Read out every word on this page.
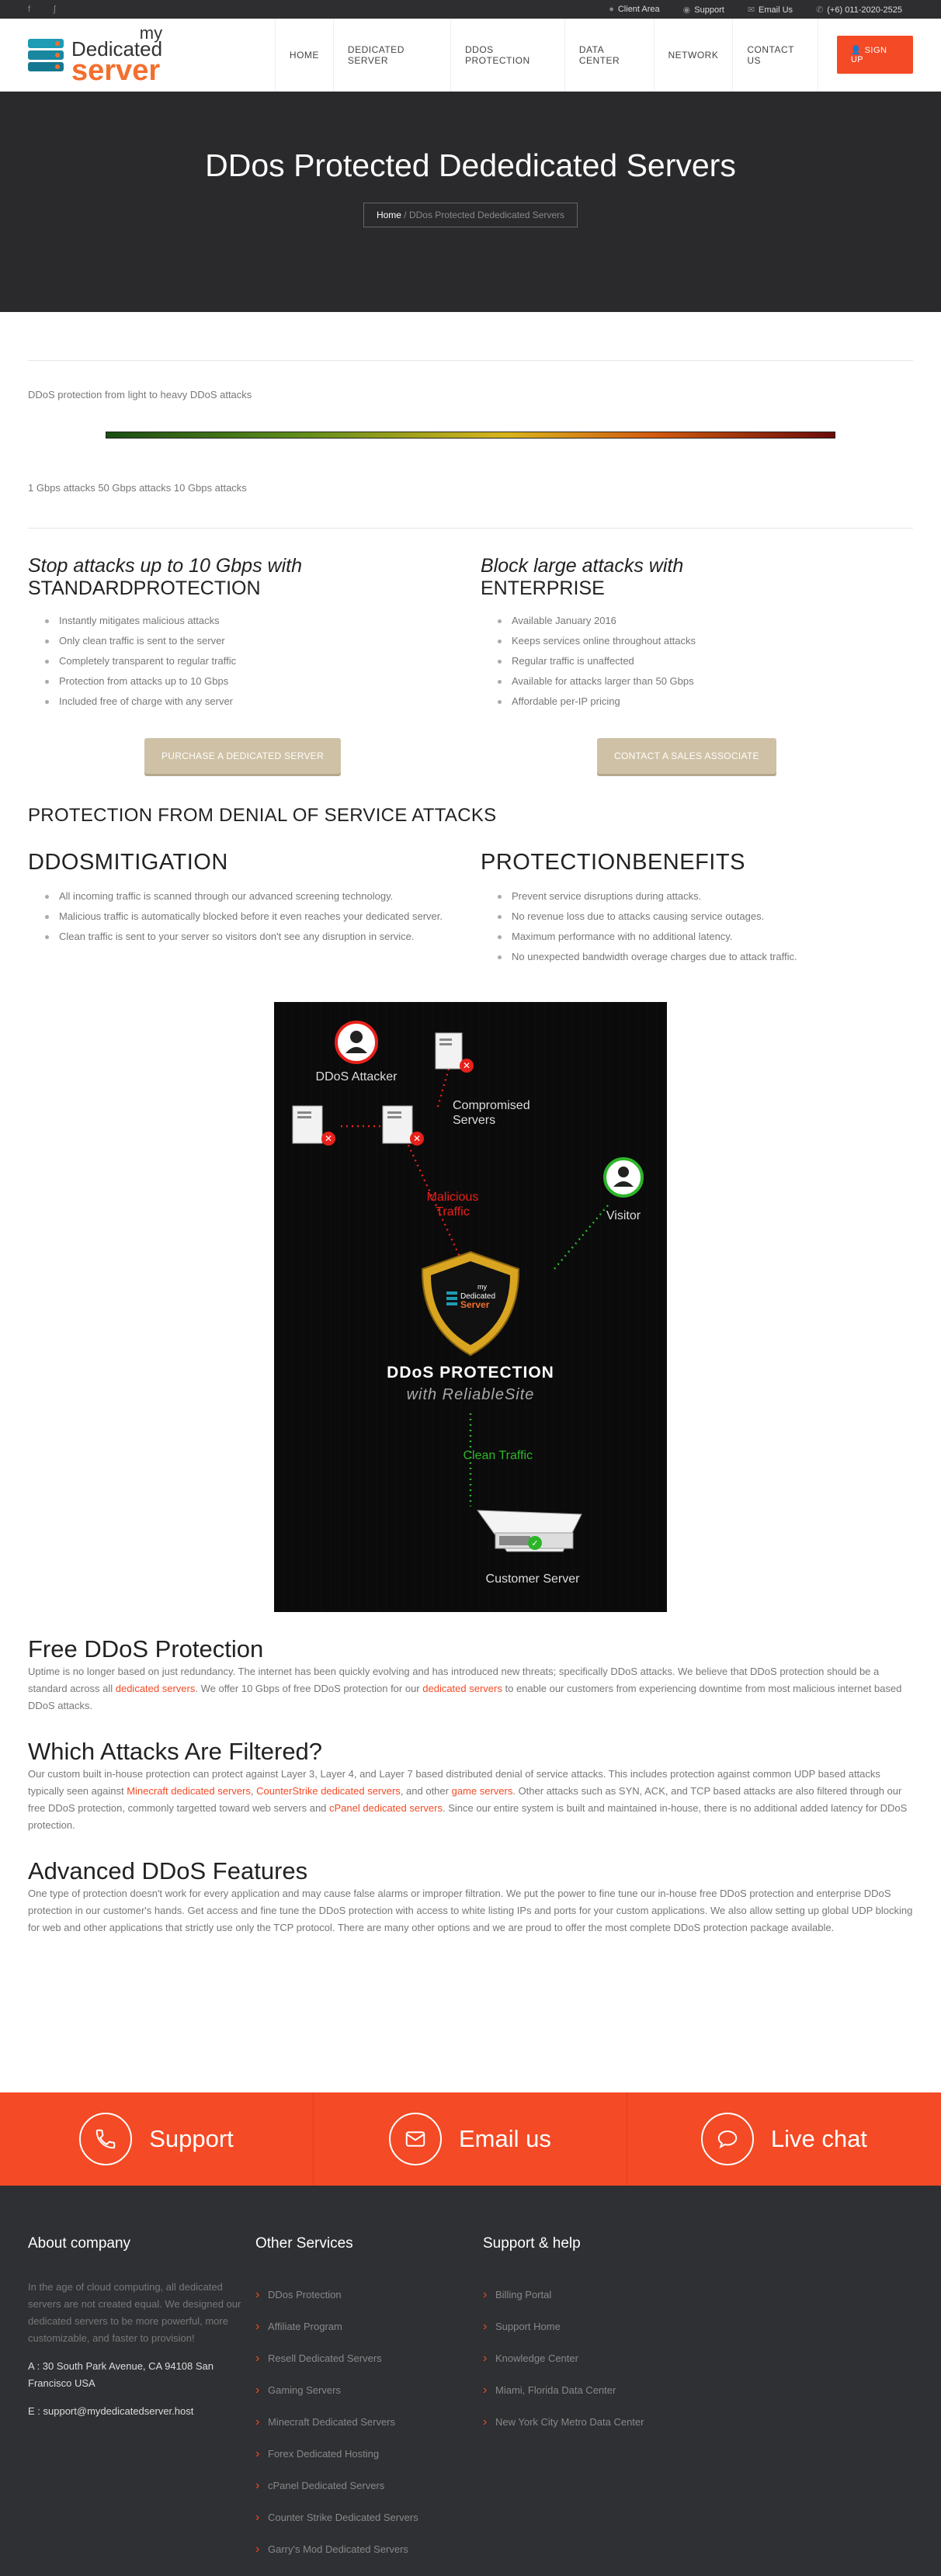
f	ʃ	● Client Area	◉ Support	✉ Email Us	✆ (+6) 011-2020-2525
my
Dedicated
server	HOME	DEDICATED SERVER
DDOS PROTECTION
DATA CENTER	NETWORK	CONTACT US
👤 SIGN UP
DDos Protected Dededicated Servers
Home / DDos Protected Dededicated Servers

DDoS protection from light to heavy DDoS attacks

1 Gbps attacks 50 Gbps attacks 10 Gbps attacks

Stop attacks up to 10 Gbps with
STANDARDPROTECTION
Instantly mitigates malicious attacks
Only clean traffic is sent to the server
Completely transparent to regular traffic
Protection from attacks up to 10 Gbps
Included free of charge with any server
PURCHASE A DEDICATED SERVER
Block large attacks with
ENTERPRISE
Available January 2016
Keeps services online throughout attacks
Regular traffic is unaffected
Available for attacks larger than 50 Gbps
Affordable per-IP pricing
CONTACT A SALES ASSOCIATE
PROTECTION FROM DENIAL OF SERVICE ATTACKS
DDOSMITIGATION
All incoming traffic is scanned through our advanced screening technology.
Malicious traffic is automatically blocked before it even reaches your dedicated server.
Clean traffic is sent to your server so visitors don't see any disruption in service.
PROTECTIONBENEFITS
Prevent service disruptions during attacks.
No revenue loss due to attacks causing service outages.
Maximum performance with no additional latency.
No unexpected bandwidth overage charges due to attack traffic.
DDoS Attacker
✕
✕	✕
Compromised
Servers
Malicious
Traffic	Visitor
my
Dedicated
Server
DDoS PROTECTION
with ReliableSite
Clean Traffic
✓
Customer Server
Free DDoS Protection

Uptime is no longer based on just redundancy. The internet has been quickly evolving and has introduced new threats; specifically DDoS attacks. We believe that DDoS protection should be a standard across all dedicated servers. We offer 10 Gbps of free DDoS protection for our dedicated servers to enable our customers from experiencing downtime from most malicious internet based DDoS attacks.

Which Attacks Are Filtered?

Our custom built in-house protection can protect against Layer 3, Layer 4, and Layer 7 based distributed denial of service attacks. This includes protection against common UDP based attacks typically seen against Minecraft dedicated servers, CounterStrike dedicated servers, and other game servers. Other attacks such as SYN, ACK, and TCP based attacks are also filtered through our free DDoS protection, commonly targetted toward web servers and cPanel dedicated servers. Since our entire system is built and maintained in-house, there is no additional added latency for DDoS protection.

Advanced DDoS Features

One type of protection doesn't work for every application and may cause false alarms or improper filtration. We put the power to fine tune our in-house free DDoS protection and enterprise DDoS protection in our customer's hands. Get access and fine tune the DDoS protection with access to white listing IPs and ports for your custom applications. We also allow setting up global UDP blocking for web and other applications that strictly use only the TCP protocol. There are many other options and we are proud to offer the most complete DDoS protection package available.

Support	Email us	Live chat
About company

In the age of cloud computing, all dedicated servers are not created equal. We designed our dedicated servers to be more powerful, more customizable, and faster to provision!

A : 30 South Park Avenue, CA 94108 San Francisco USA

E : support@mydedicatedserver.host

Other Services
› DDos Protection
› Affiliate Program
› Resell Dedicated Servers
› Gaming Servers
› Minecraft Dedicated Servers
› Forex Dedicated Hosting
› cPanel Dedicated Servers
› Counter Strike Dedicated Servers
› Garry's Mod Dedicated Servers
Support & help
› Billing Portal
› Support Home
› Knowledge Center
› Miami, Florida Data Center
› New York City Metro Data Center
